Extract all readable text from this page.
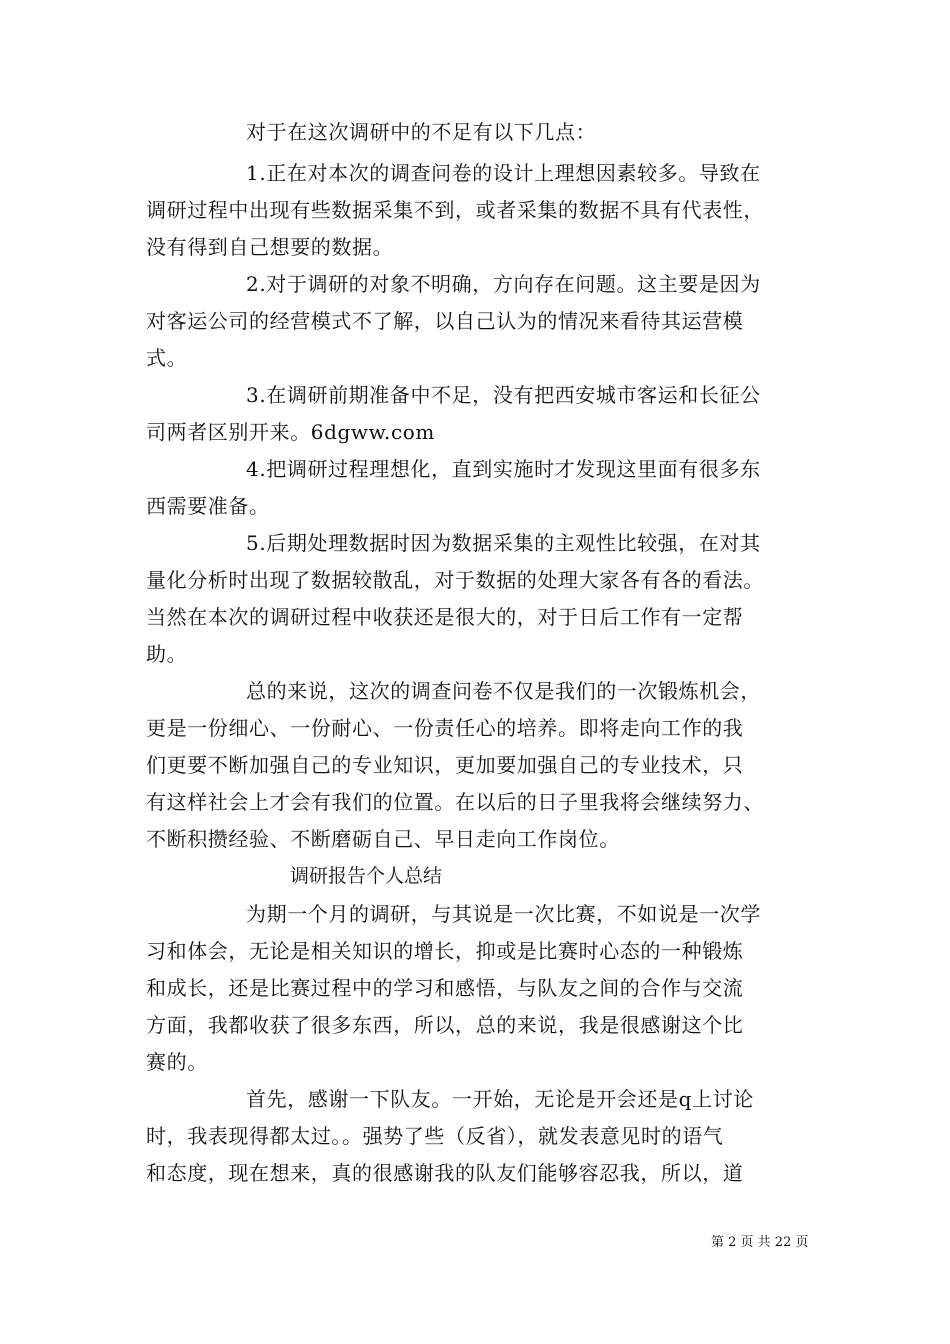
对于在这次调研中的不足有以下几点：
1.正在对本次的调查问卷的设计上理想因素较多。导致在
调研过程中出现有些数据采集不到，或者采集的数据不具有代表性，
没有得到自己想要的数据。
2.对于调研的对象不明确，方向存在问题。这主要是因为
对客运公司的经营模式不了解，以自己认为的情况来看待其运营模
式。
3.在调研前期准备中不足，没有把西安城市客运和长征公
司两者区别开来。6dgww.com
4.把调研过程理想化，直到实施时才发现这里面有很多东
西需要准备。
5.后期处理数据时因为数据采集的主观性比较强，在对其
量化分析时出现了数据较散乱，对于数据的处理大家各有各的看法。
当然在本次的调研过程中收获还是很大的，对于日后工作有一定帮
助。
总的来说，这次的调查问卷不仅是我们的一次锻炼机会，
更是一份细心、一份耐心、一份责任心的培养。即将走向工作的我
们更要不断加强自己的专业知识，更加要加强自己的专业技术，只
有这样社会上才会有我们的位置。在以后的日子里我将会继续努力、
不断积攒经验、不断磨砺自己、早日走向工作岗位。
调研报告个人总结
为期一个月的调研，与其说是一次比赛，不如说是一次学
习和体会，无论是相关知识的增长，抑或是比赛时心态的一种锻炼
和成长，还是比赛过程中的学习和感悟，与队友之间的合作与交流
方面，我都收获了很多东西，所以，总的来说，我是很感谢这个比
赛的。
首先，感谢一下队友。一开始，无论是开会还是q上讨论
时，我表现得都太过。。强势了些（反省），就发表意见时的语气
和态度，现在想来，真的很感谢我的队友们能够容忍我，所以，道
第 2 页 共 22 页
